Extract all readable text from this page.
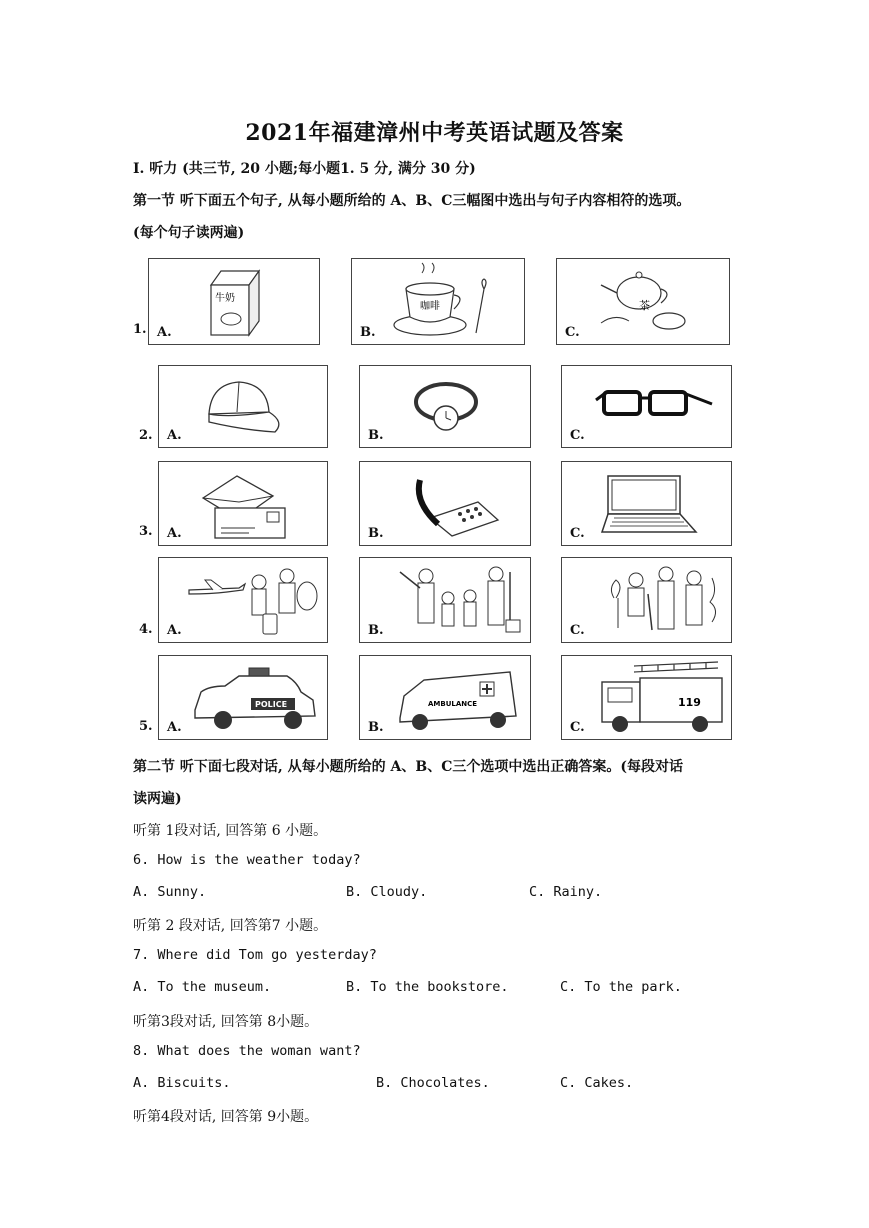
2021年福建漳州中考英语试题及答案
I. 听力 (共三节, 20 小题;每小题1. 5 分, 满分 30 分)
第一节 听下面五个句子, 从每小题所给的 A、B、C三幅图中选出与句子内容相符的选项。
(每个句子读两遍)
1.
牛奶
A.
咖啡
B.
茶
C.
2. A.	B.	C.
3. A.	B.	C.
4. A.	B.	C.
5.
POLICE
A.
AMBULANCE
B.
119
C.
第二节 听下面七段对话, 从每小题所给的 A、B、C三个选项中选出正确答案。(每段对话
读两遍)
听第 1段对话, 回答第 6 小题。
6. How is the weather today?
A. Sunny.	B. Cloudy.	C. Rainy.
听第 2 段对话, 回答第7 小题。
7. Where did Tom go yesterday?
A. To the museum.	B. To the bookstore.	C. To the park.
听第3段对话, 回答第 8小题。
8. What does the woman want?
A. Biscuits.	B. Chocolates.	C. Cakes.
听第4段对话, 回答第 9小题。
